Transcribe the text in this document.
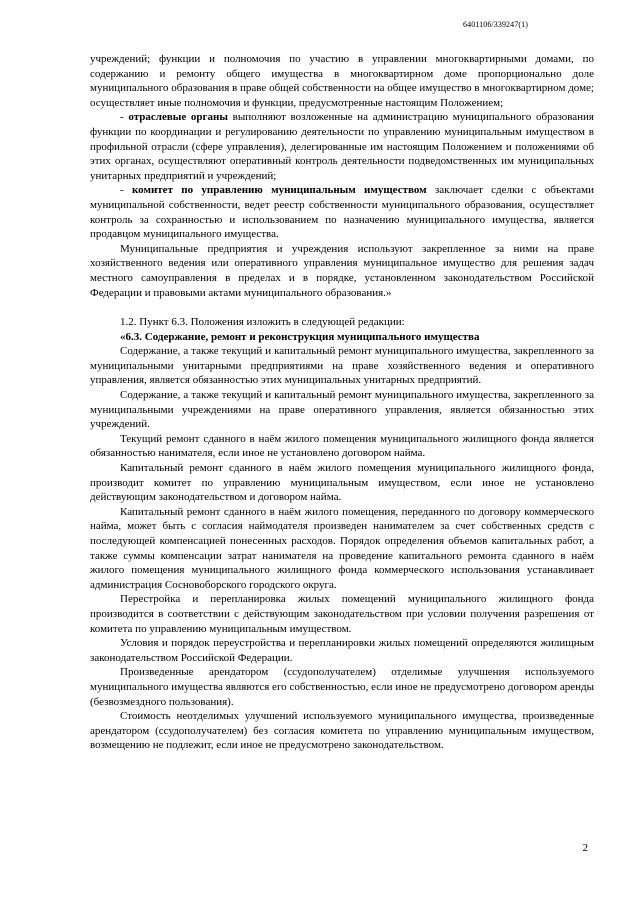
6401106/339247(1)

учреждений; функции и полномочия по участию в управлении многоквартирными домами, по содержанию и ремонту общего имущества в многоквартирном доме пропорционально доле муниципального образования в праве общей собственности на общее имущество в многоквартирном доме; осуществляет иные полномочия и функции, предусмотренные настоящим Положением;

- отраслевые органы выполняют возложенные на администрацию муниципального образования функции по координации и регулированию деятельности по управлению муниципальным имуществом в профильной отрасли (сфере управления), делегированные им настоящим Положением и положениями об этих органах, осуществляют оперативный контроль деятельности подведомственных им муниципальных унитарных предприятий и учреждений;

- комитет по управлению муниципальным имуществом заключает сделки с объектами муниципальной собственности, ведет реестр собственности муниципального образования, осуществляет контроль за сохранностью и использованием по назначению муниципального имущества, является продавцом муниципального имущества.

Муниципальные предприятия и учреждения используют закрепленное за ними на праве хозяйственного ведения или оперативного управления муниципальное имущество для решения задач местного самоуправления в пределах и в порядке, установленном законодательством Российской Федерации и правовыми актами муниципального образования.»

1.2. Пункт 6.3. Положения изложить в следующей редакции:

«6.3. Содержание, ремонт и реконструкция муниципального имущества

Содержание, а также текущий и капитальный ремонт муниципального имущества, закрепленного за муниципальными унитарными предприятиями на праве хозяйственного ведения и оперативного управления, является обязанностью этих муниципальных унитарных предприятий.

Содержание, а также текущий и капитальный ремонт муниципального имущества, закрепленного за муниципальными учреждениями на праве оперативного управления, является обязанностью этих учреждений.

Текущий ремонт сданного в наём жилого помещения муниципального жилищного фонда является обязанностью нанимателя, если иное не установлено договором найма.

Капитальный ремонт сданного в наём жилого помещения муниципального жилищного фонда, производит комитет по управлению муниципальным имуществом, если иное не установлено действующим законодательством и договором найма.

Капитальный ремонт сданного в наём жилого помещения, переданного по договору коммерческого найма, может быть с согласия наймодателя произведен нанимателем за счет собственных средств с последующей компенсацией понесенных расходов. Порядок определения объемов капитальных работ, а также суммы компенсации затрат нанимателя на проведение капитального ремонта сданного в наём жилого помещения муниципального жилищного фонда коммерческого использования устанавливает администрация Сосновоборского городского округа.

Перестройка и перепланировка жилых помещений муниципального жилищного фонда производится в соответствии с действующим законодательством при условии получения разрешения от комитета по управлению муниципальным имуществом.

Условия и порядок переустройства и перепланировки жилых помещений определяются жилищным законодательством Российской Федерации.

Произведенные арендатором (ссудополучателем) отделимые улучшения используемого муниципального имущества являются его собственностью, если иное не предусмотрено договором аренды (безвозмездного пользования).

Стоимость неотделимых улучшений используемого муниципального имущества, произведенные арендатором (ссудополучателем) без согласия комитета по управлению муниципальным имуществом, возмещению не подлежит, если иное не предусмотрено законодательством.

2
